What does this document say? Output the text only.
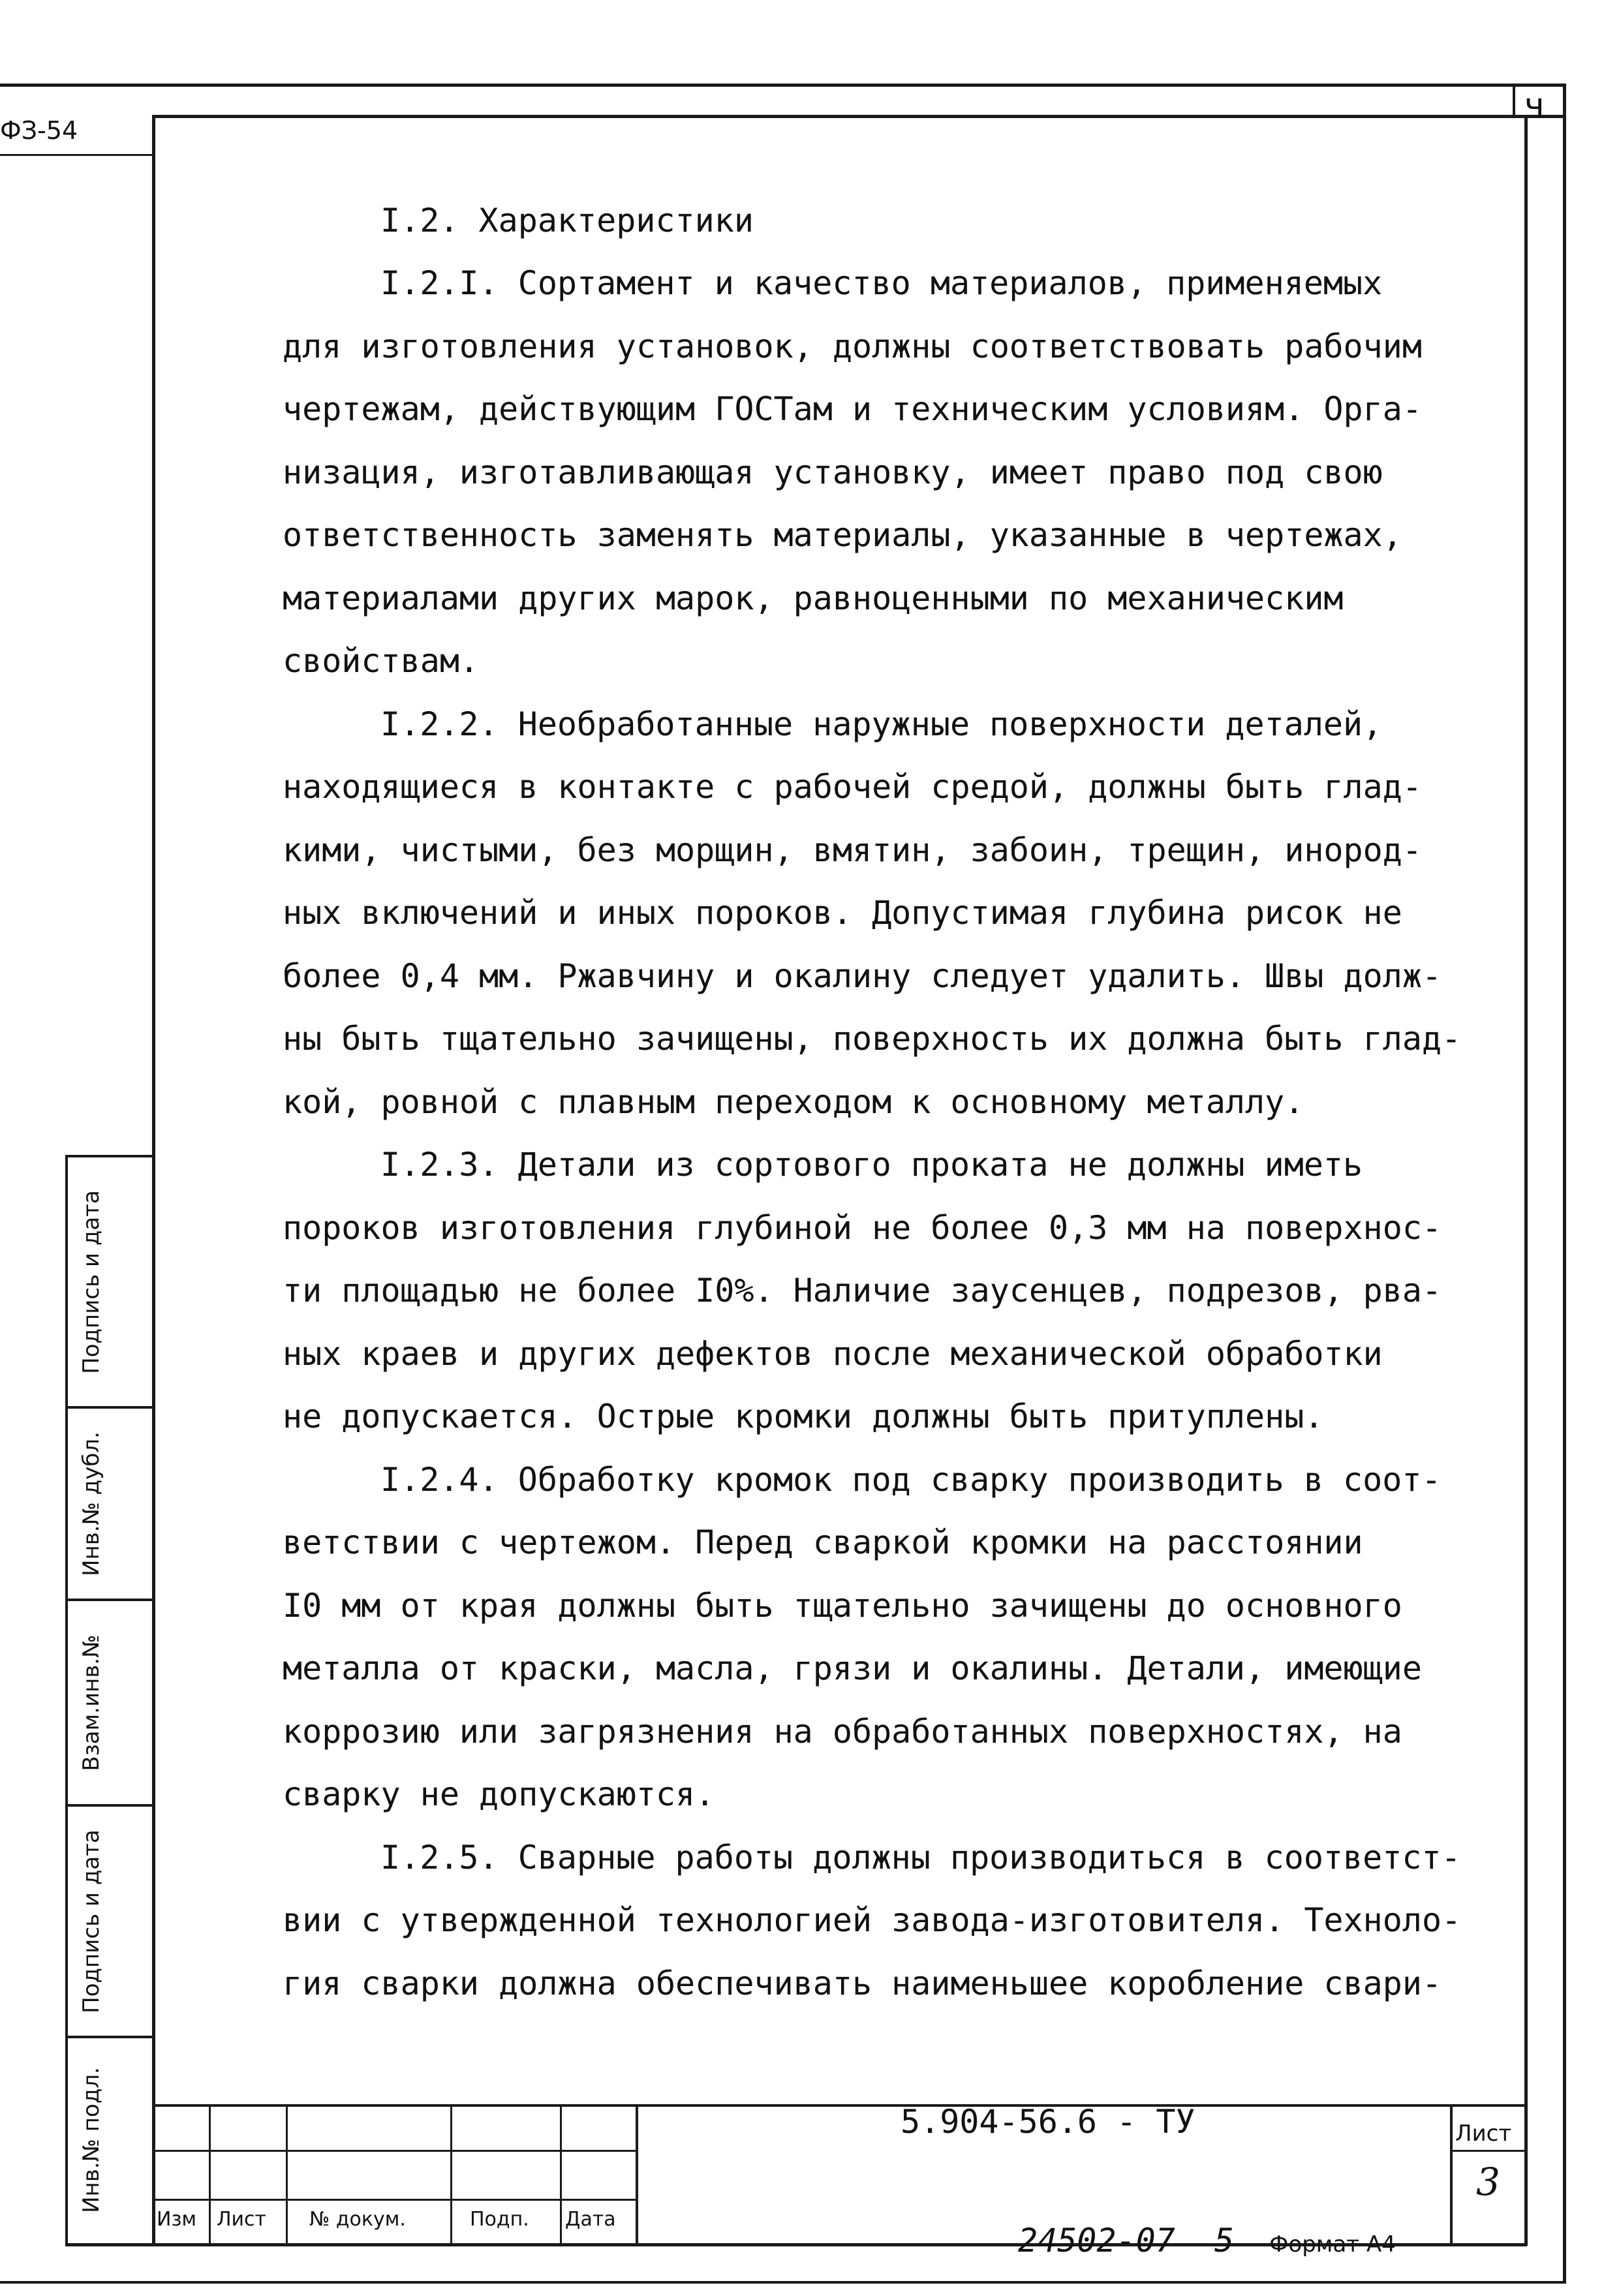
ФЗ-54
ч
I.2. Характеристики

I.2.I. Сортамент и качество материалов, применяемых

для изготовления установок, должны соответствовать рабочим

чертежам, действующим ГОСТам и техническим условиям. Орга-

низация, изготавливающая установку, имеет право под свою

ответственность заменять материалы, указанные в чертежах,

материалами других марок, равноценными по механическим

свойствам.

I.2.2. Необработанные наружные поверхности деталей,

находящиеся в контакте с рабочей средой, должны быть глад-

кими, чистыми, без морщин, вмятин, забоин, трещин, инород-

ных включений и иных пороков. Допустимая глубина рисок не

более 0,4 мм. Ржавчину и окалину следует удалить. Швы долж-

ны быть тщательно зачищены, поверхность их должна быть глад-

кой, ровной с плавным переходом к основному металлу.

I.2.3. Детали из сортового проката не должны иметь

пороков изготовления глубиной не более 0,3 мм на поверхнос-

ти площадью не более I0%. Наличие заусенцев, подрезов, рва-

ных краев и других дефектов после механической обработки

не допускается. Острые кромки должны быть притуплены.

I.2.4. Обработку кромок под сварку производить в соот-

ветствии с чертежом. Перед сваркой кромки на расстоянии

I0 мм от края должны быть тщательно зачищены до основного

металла от краски, масла, грязи и окалины. Детали, имеющие

коррозию или загрязнения на обработанных поверхностях, на

сварку не допускаются.

I.2.5. Сварные работы должны производиться в соответст-

вии с утвержденной технологией завода-изготовителя. Техноло-

гия сварки должна обеспечивать наименьшее коробление свари-

Подпись и дата
Инв.№ дубл.
Взам.инв.№
Подпись и дата
Инв.№ подл.
Изм Лист № докум.	Подп. Дата
5.904-56.6 - ТУ	Лист
3
24502-07 5 Формат А4
